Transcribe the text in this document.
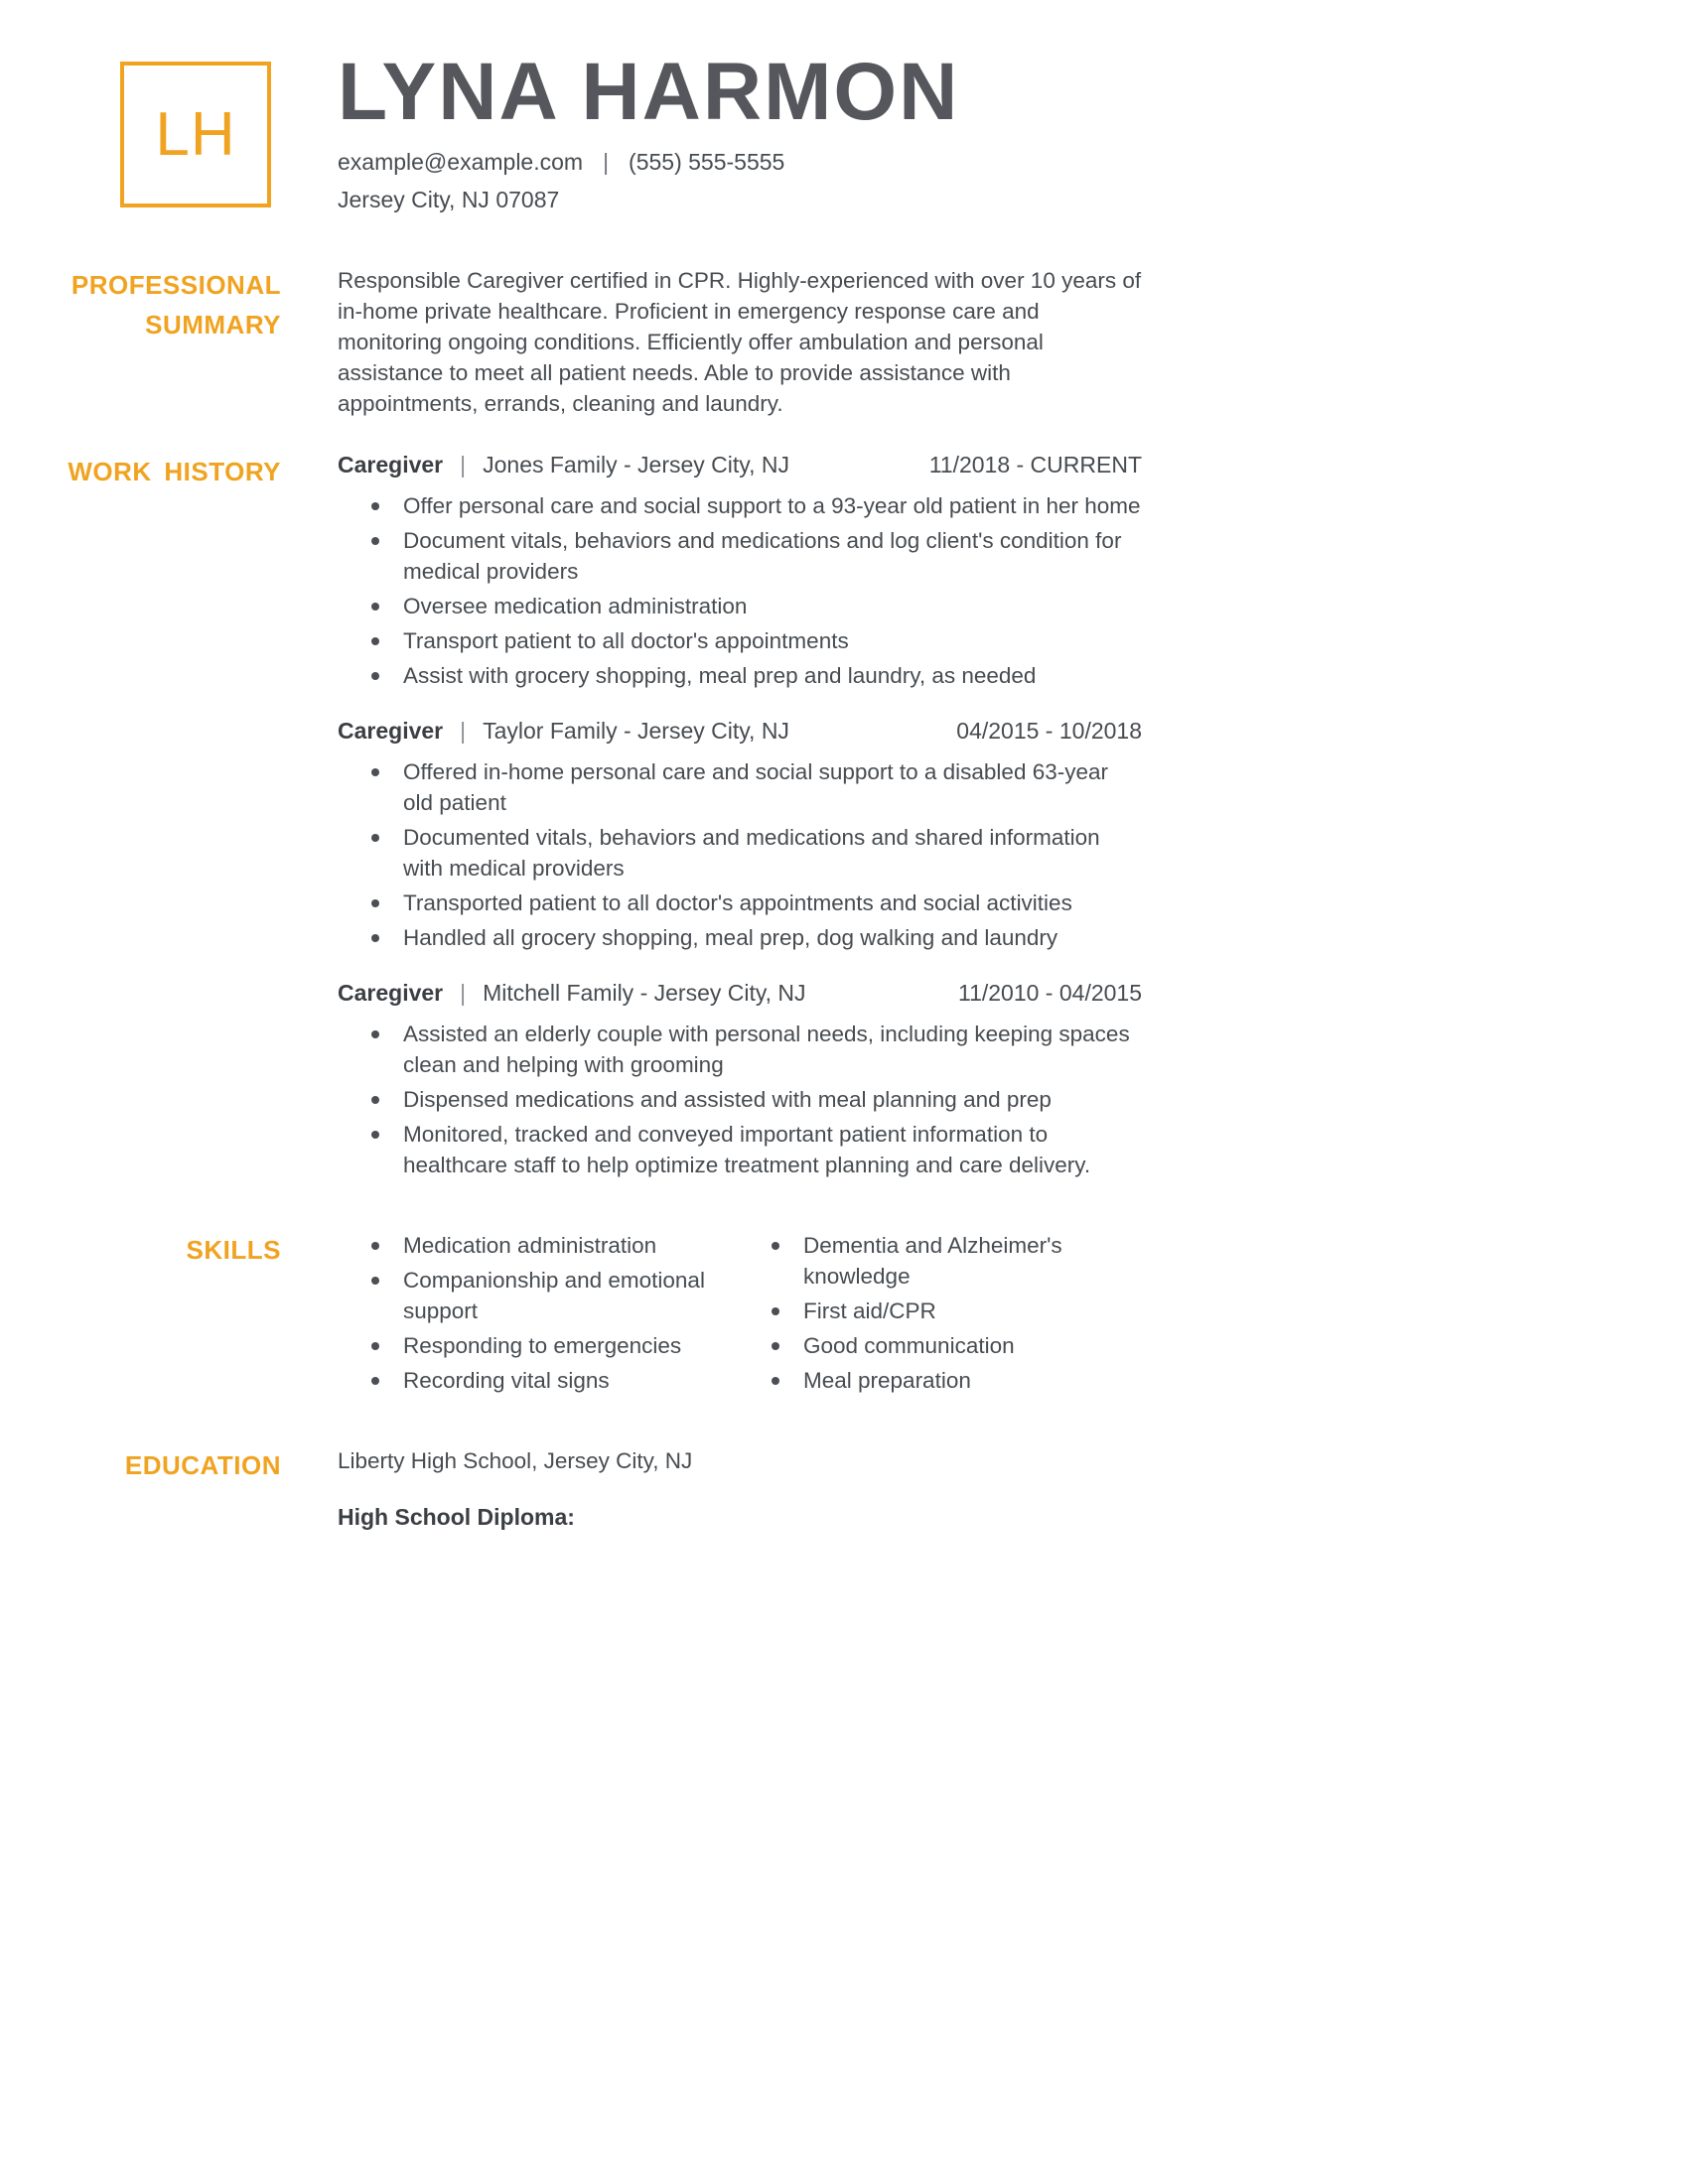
LH LYNA HARMON
example@example.com | (555) 555-5555
Jersey City, NJ 07087
PROFESSIONAL
SUMMARY

Responsible Caregiver certified in CPR. Highly-experienced with over 10 years of in-home private healthcare. Proficient in emergency response care and monitoring ongoing conditions. Efficiently offer ambulation and personal assistance to meet all patient needs. Able to provide assistance with appointments, errands, cleaning and laundry.

WORK HISTORY Caregiver | Jones Family - Jersey City, NJ	11/2018 - CURRENT
Offer personal care and social support to a 93-year old patient in her home
Document vitals, behaviors and medications and log client's condition for medical providers
Oversee medication administration
Transport patient to all doctor's appointments
Assist with grocery shopping, meal prep and laundry, as needed
Caregiver | Taylor Family - Jersey City, NJ	04/2015 - 10/2018
Offered in-home personal care and social support to a disabled 63-year old patient
Documented vitals, behaviors and medications and shared information with medical providers
Transported patient to all doctor's appointments and social activities
Handled all grocery shopping, meal prep, dog walking and laundry
Caregiver | Mitchell Family - Jersey City, NJ	11/2010 - 04/2015
Assisted an elderly couple with personal needs, including keeping spaces clean and helping with grooming
Dispensed medications and assisted with meal planning and prep
Monitored, tracked and conveyed important patient information to healthcare staff to help optimize treatment planning and care delivery.
SKILLS	Medication administration
Companionship and emotional support
Responding to emergencies
Recording vital signs
Dementia and Alzheimer's knowledge
First aid/CPR
Good communication
Meal preparation
EDUCATION	Liberty High School, Jersey City, NJ
High School Diploma:
